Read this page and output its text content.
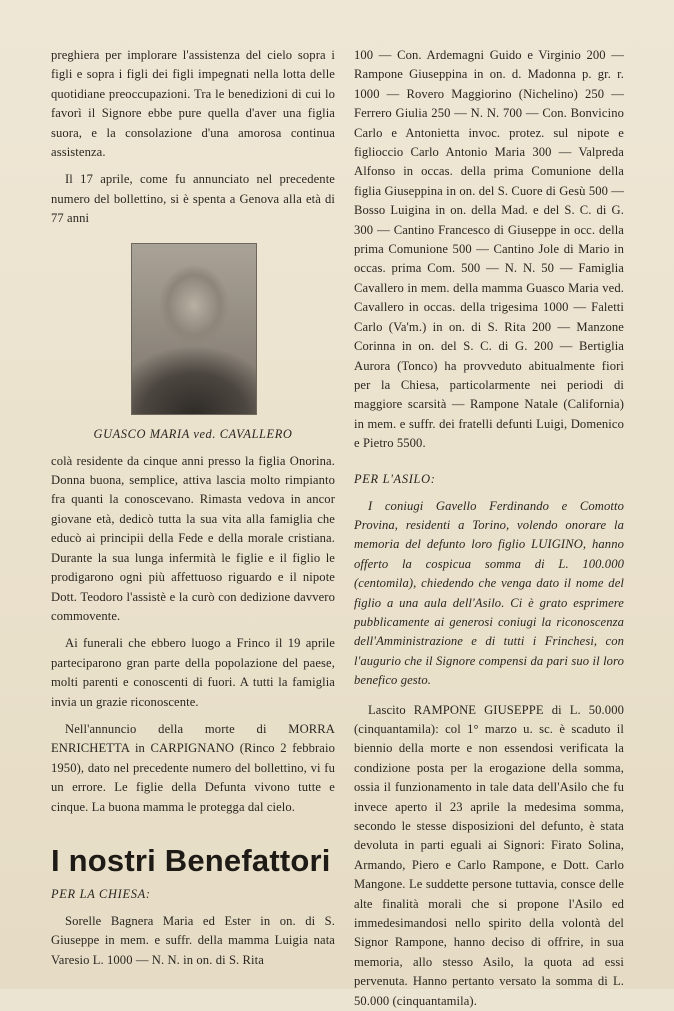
preghiera per implorare l'assistenza del cielo sopra i figli e sopra i figli dei figli impegnati nella lotta delle quotidiane preoccupazioni. Tra le benedizioni di cui lo favorì il Signore ebbe pure quella d'aver una figlia suora, e la consolazione d'una amorosa continua assistenza.

Il 17 aprile, come fu annunciato nel precedente numero del bollettino, si è spenta a Genova alla età di 77 anni

GUASCO MARIA ved. CAVALLERO

colà residente da cinque anni presso la figlia Onorina. Donna buona, semplice, attiva lascia molto rimpianto fra quanti la conoscevano. Rimasta vedova in ancor giovane età, dedicò tutta la sua vita alla famiglia che educò ai principii della Fede e della morale cristiana. Durante la sua lunga infermità le figlie e il figlio le prodigarono ogni più affettuoso riguardo e il nipote Dott. Teodoro l'assistè e la curò con dedizione davvero commovente.

Ai funerali che ebbero luogo a Frinco il 19 aprile parteciparono gran parte della popolazione del paese, molti parenti e conoscenti di fuori. A tutti la famiglia invia un grazie riconoscente.

Nell'annuncio della morte di MORRA ENRICHETTA in CARPIGNANO (Rinco 2 febbraio 1950), dato nel precedente numero del bollettino, vi fu un errore. Le figlie della Defunta vivono tutte e cinque. La buona mamma le protegga dal cielo.

I nostri Benefattori
PER LA CHIESA:

Sorelle Bagnera Maria ed Ester in on. di S. Giuseppe in mem. e suffr. della mamma Luigia nata Varesio L. 1000 — N. N. in on. di S. Rita

100 — Con. Ardemagni Guido e Virginio 200 — Rampone Giuseppina in on. d. Madonna p. gr. r. 1000 — Rovero Maggiorino (Nichelino) 250 — Ferrero Giulia 250 — N. N. 700 — Con. Bonvicino Carlo e Antonietta invoc. protez. sul nipote e figlioccio Carlo Antonio Maria 300 — Valpreda Alfonso in occas. della prima Comunione della figlia Giuseppina in on. del S. Cuore di Gesù 500 — Bosso Luigina in on. della Mad. e del S. C. di G. 300 — Cantino Francesco di Giuseppe in occ. della prima Comunione 500 — Cantino Jole di Mario in occas. prima Com. 500 — N. N. 50 — Famiglia Cavallero in mem. della mamma Guasco Maria ved. Cavallero in occas. della trigesima 1000 — Faletti Carlo (Va'm.) in on. di S. Rita 200 — Manzone Corinna in on. del S. C. di G. 200 — Bertiglia Aurora (Tonco) ha provveduto abitualmente fiori per la Chiesa, particolarmente nei periodi di maggiore scarsità — Rampone Natale (California) in mem. e suffr. dei fratelli defunti Luigi, Domenico e Pietro 5500.

PER L'ASILO:

I coniugi Gavello Ferdinando e Comotto Provina, residenti a Torino, volendo onorare la memoria del defunto loro figlio LUIGINO, hanno offerto la cospicua somma di L. 100.000 (centomila), chiedendo che venga dato il nome del figlio a una aula dell'Asilo. Ci è grato esprimere pubblicamente ai generosi coniugi la riconoscenza dell'Amministrazione e di tutti i Frinchesi, con l'augurio che il Signore compensi da pari suo il loro benefico gesto.

Lascito RAMPONE GIUSEPPE di L. 50.000 (cinquantamila): col 1° marzo u. sc. è scaduto il biennio della morte e non essendosi verificata la condizione posta per la erogazione della somma, ossia il funzionamento in tale data dell'Asilo che fu invece aperto il 23 aprile la medesima somma, secondo le stesse disposizioni del defunto, è stata devoluta in parti eguali ai Signori: Firato Solina, Armando, Piero e Carlo Rampone, e Dott. Carlo Mangone. Le suddette persone tuttavia, consce delle alte finalità morali che si propone l'Asilo ed immedesimandosi nello spirito della volontà del Signor Rampone, hanno deciso di offrire, in sua memoria, allo stesso Asilo, la quota ad essi pervenuta. Hanno pertanto versato la somma di L. 50.000 (cinquantamila).
